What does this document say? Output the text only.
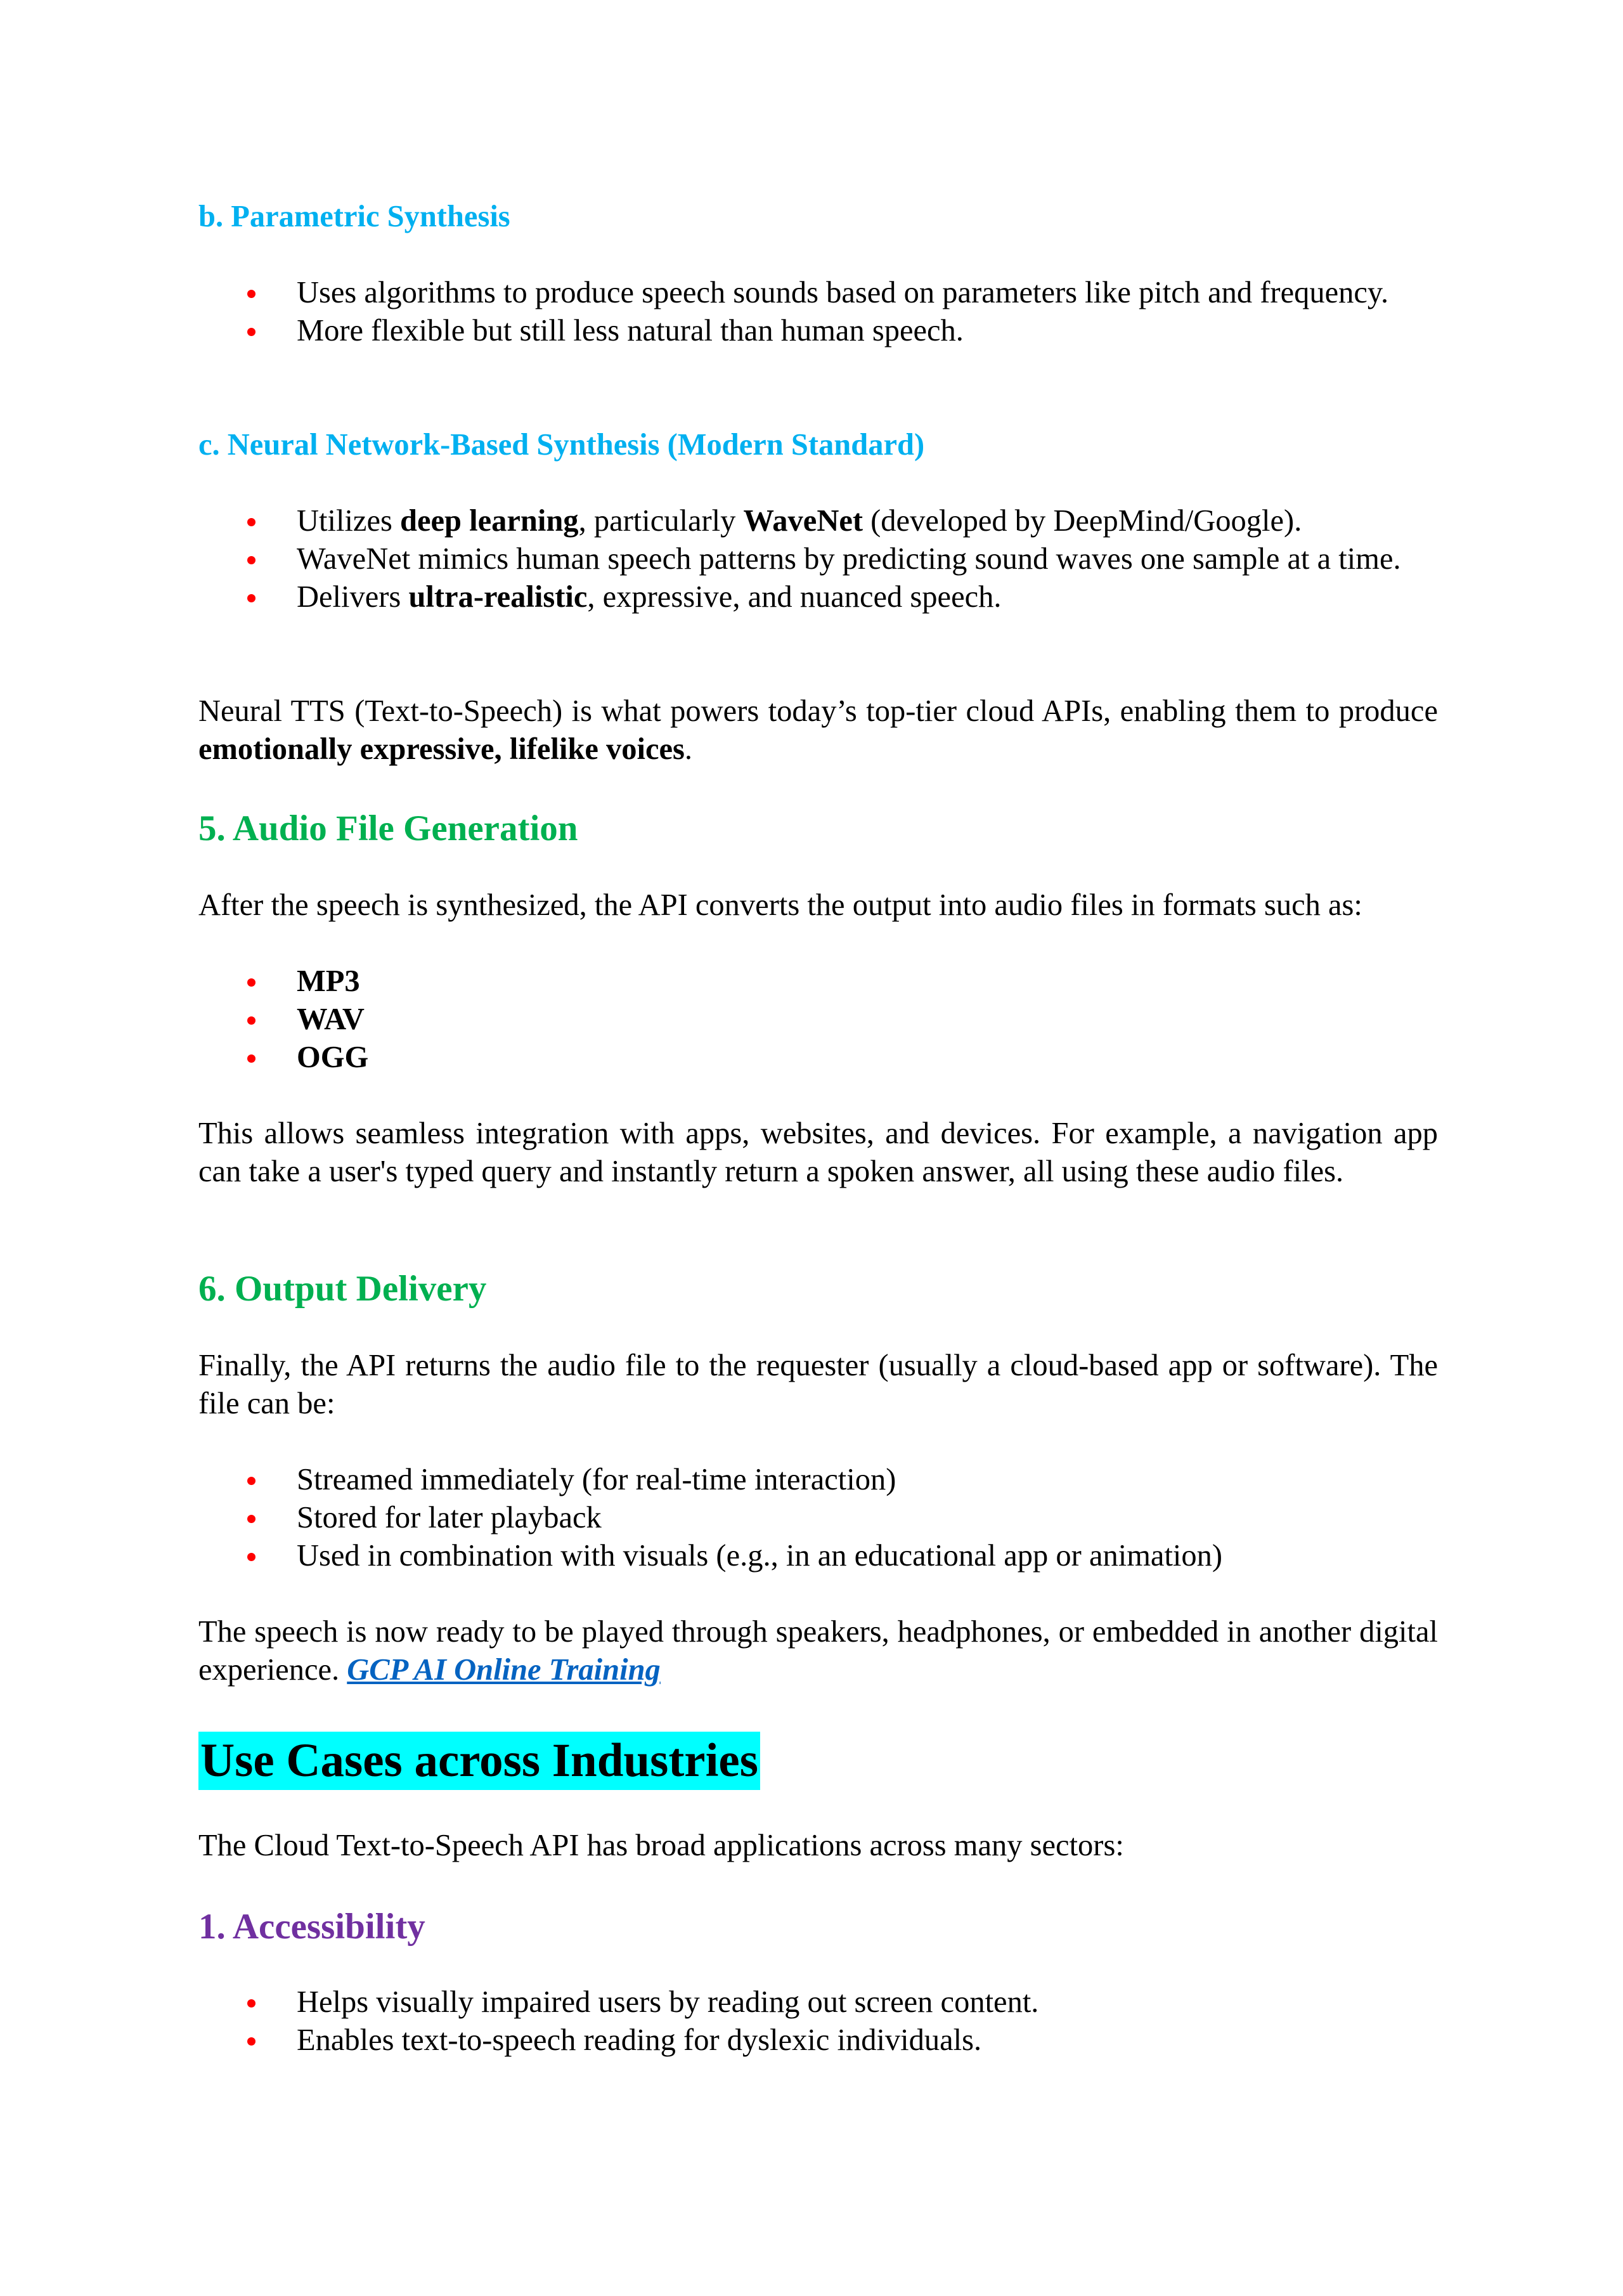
b. Parametric Synthesis

Uses algorithms to produce speech sounds based on parameters like pitch and frequency.
More flexible but still less natural than human speech.

c. Neural Network-Based Synthesis (Modern Standard)

Utilizes deep learning, particularly WaveNet (developed by DeepMind/Google).
WaveNet mimics human speech patterns by predicting sound waves one sample at a time.
Delivers ultra-realistic, expressive, and nuanced speech.

Neural TTS (Text-to-Speech) is what powers today’s top-tier cloud APIs, enabling them to produce emotionally expressive, lifelike voices.

5. Audio File Generation

After the speech is synthesized, the API converts the output into audio files in formats such as:

MP3
WAV
OGG

This allows seamless integration with apps, websites, and devices. For example, a navigation app can take a user's typed query and instantly return a spoken answer, all using these audio files.

6. Output Delivery

Finally, the API returns the audio file to the requester (usually a cloud-based app or software). The file can be:

Streamed immediately (for real-time interaction)
Stored for later playback
Used in combination with visuals (e.g., in an educational app or animation)

The speech is now ready to be played through speakers, headphones, or embedded in another digital experience. GCP AI Online Training

Use Cases across Industries

The Cloud Text-to-Speech API has broad applications across many sectors:

1. Accessibility

Helps visually impaired users by reading out screen content.
Enables text-to-speech reading for dyslexic individuals.
